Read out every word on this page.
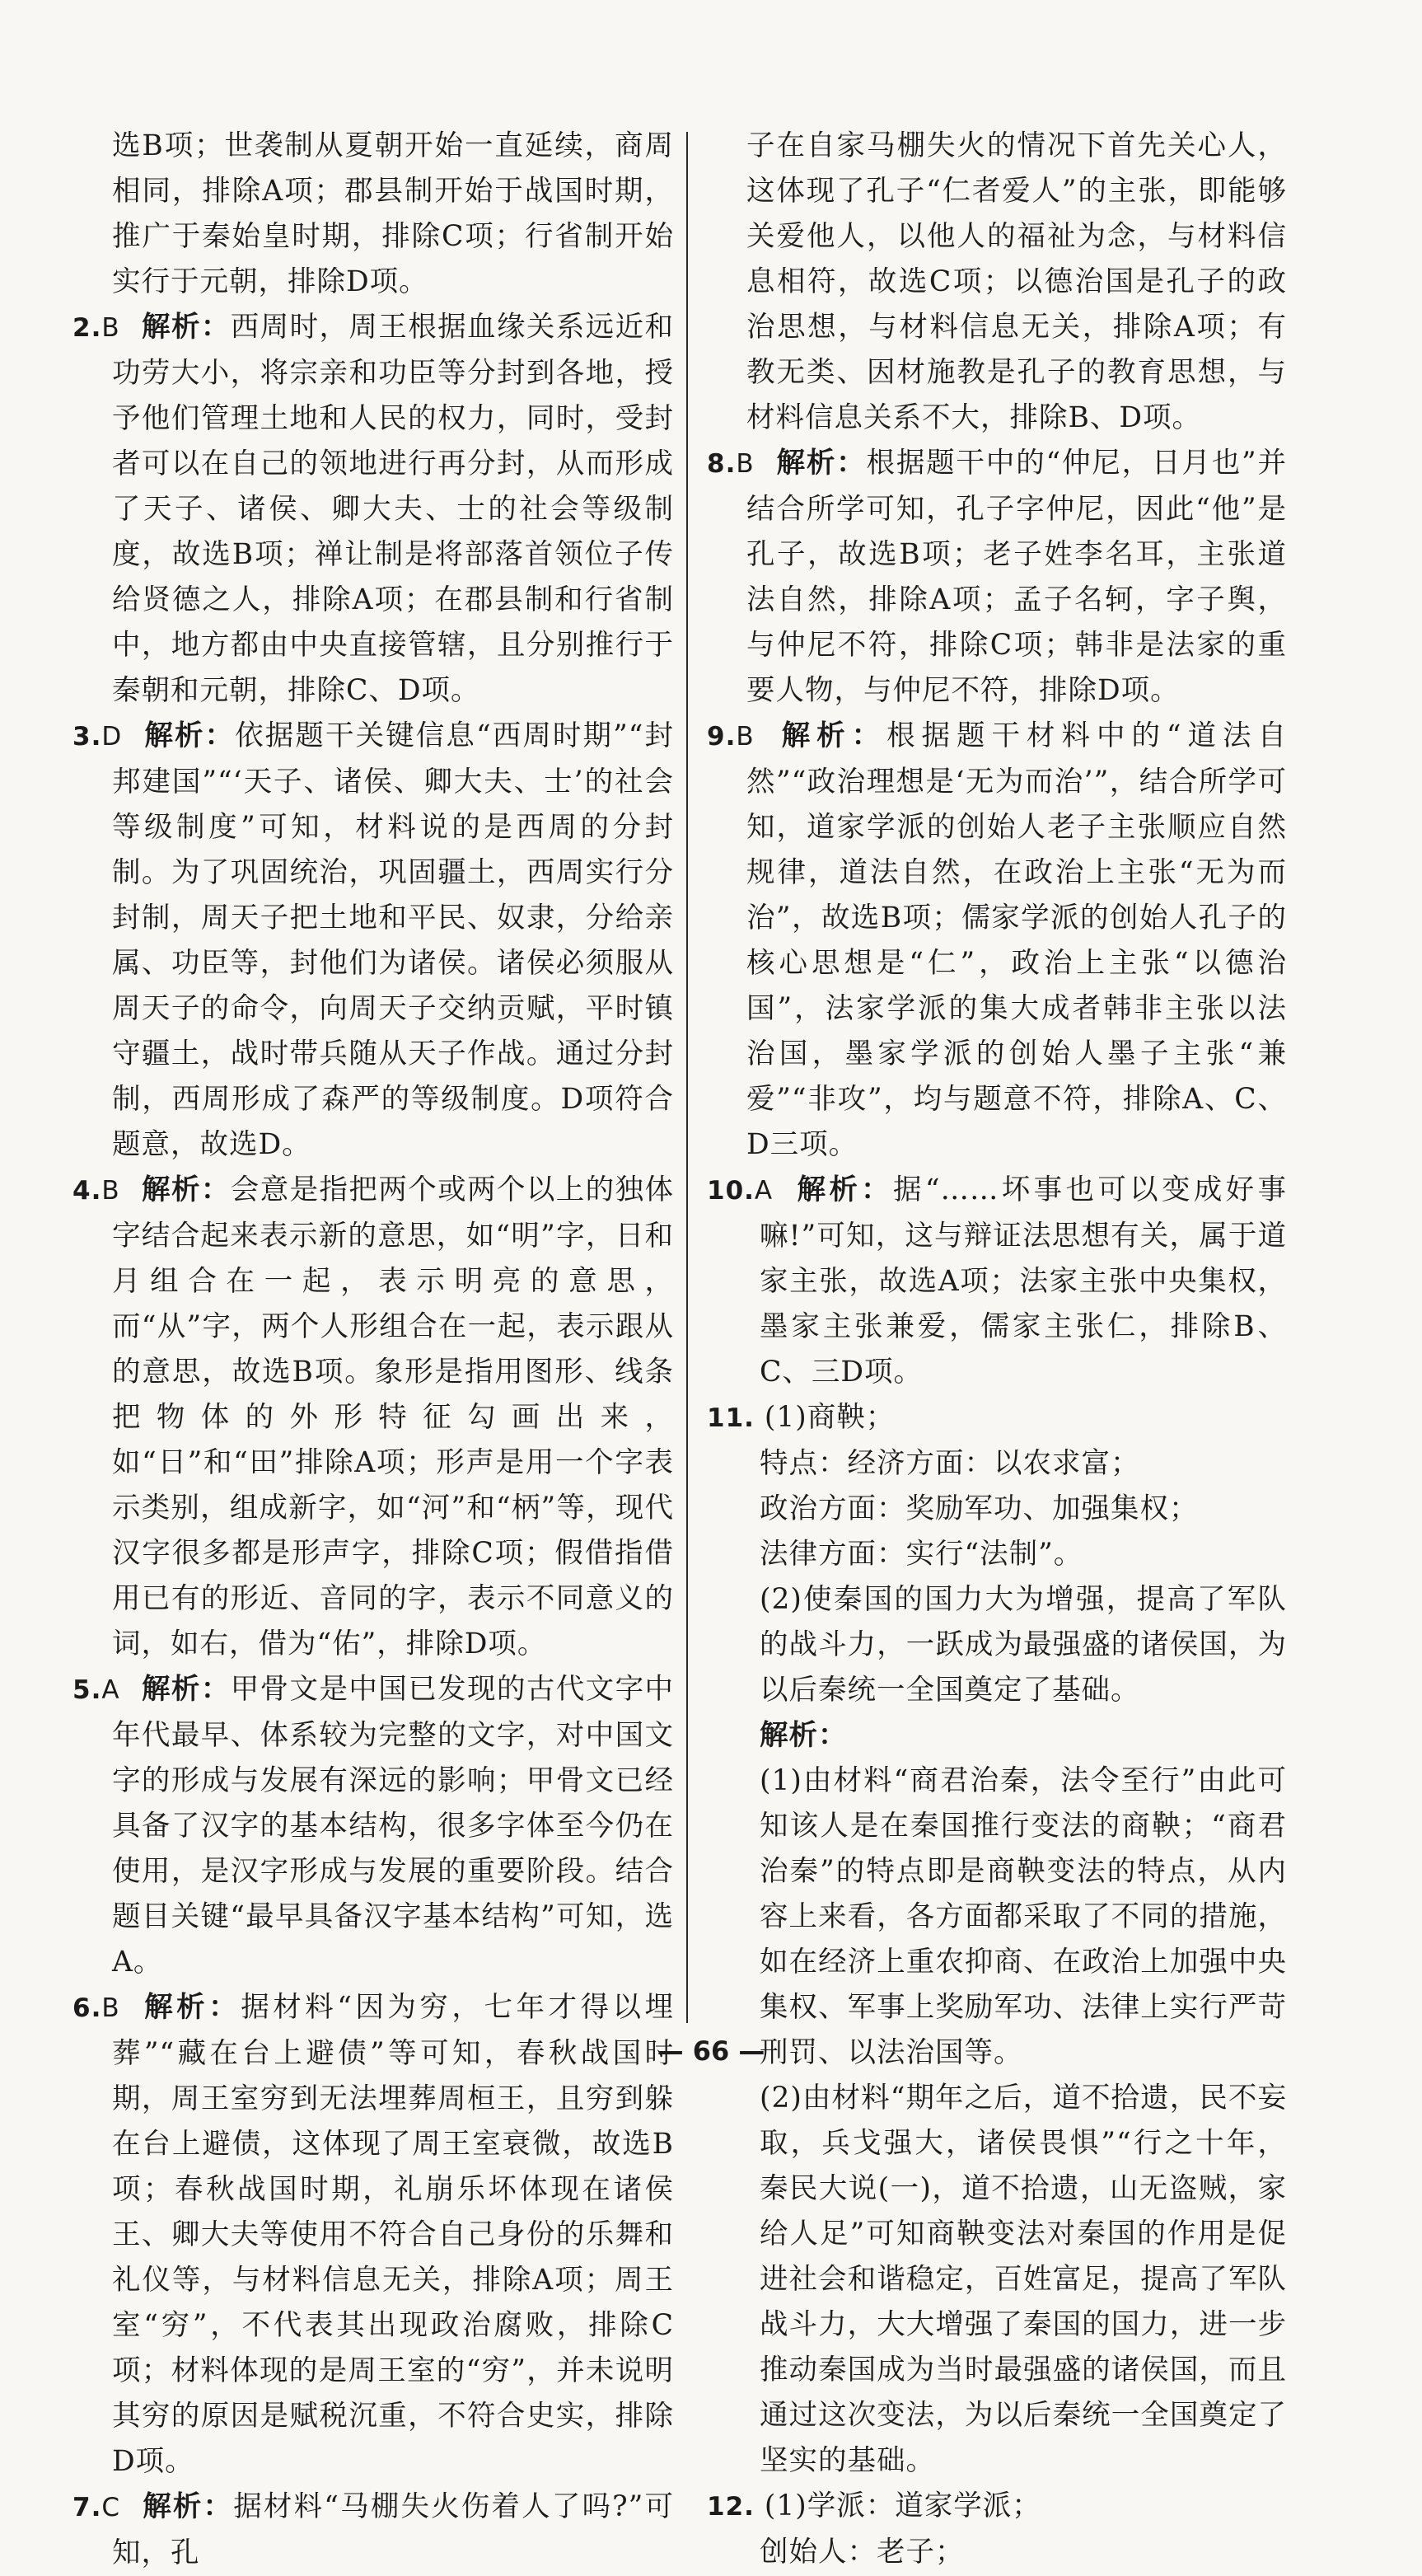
选B项；世袭制从夏朝开始一直延续，商周相同，排除A项；郡县制开始于战国时期，推广于秦始皇时期，排除C项；行省制开始实行于元朝，排除D项。

2.B 解析：西周时，周王根据血缘关系远近和功劳大小，将宗亲和功臣等分封到各地，授予他们管理土地和人民的权力，同时，受封者可以在自己的领地进行再分封，从而形成了天子、诸侯、卿大夫、士的社会等级制度，故选B项；禅让制是将部落首领位子传给贤德之人，排除A项；在郡县制和行省制中，地方都由中央直接管辖，且分别推行于秦朝和元朝，排除C、D项。

3.D 解析：依据题干关键信息“西周时期”“封邦建国”“‘天子、诸侯、卿大夫、士’的社会等级制度”可知，材料说的是西周的分封制。为了巩固统治，巩固疆土，西周实行分封制，周天子把土地和平民、奴隶，分给亲属、功臣等，封他们为诸侯。诸侯必须服从周天子的命令，向周天子交纳贡赋，平时镇守疆土，战时带兵随从天子作战。通过分封制，西周形成了森严的等级制度。D项符合题意，故选D。

4.B 解析：会意是指把两个或两个以上的独体字结合起来表示新的意思，如“明”字，日和月组合在一起，表示明亮的意思，而“从”字，两个人形组合在一起，表示跟从的意思，故选B项。象形是指用图形、线条把物体的外形特征勾画出来，如“日”和“田”排除A项；形声是用一个字表示类别，组成新字，如“河”和“柄”等，现代汉字很多都是形声字，排除C项；假借指借用已有的形近、音同的字，表示不同意义的词，如右，借为“佑”，排除D项。

5.A 解析：甲骨文是中国已发现的古代文字中年代最早、体系较为完整的文字，对中国文字的形成与发展有深远的影响；甲骨文已经具备了汉字的基本结构，很多字体至今仍在使用，是汉字形成与发展的重要阶段。结合题目关键“最早具备汉字基本结构”可知，选A。

6.B 解析：据材料“因为穷，七年才得以埋葬”“藏在台上避债”等可知，春秋战国时期，周王室穷到无法埋葬周桓王，且穷到躲在台上避债，这体现了周王室衰微，故选B项；春秋战国时期，礼崩乐坏体现在诸侯王、卿大夫等使用不符合自己身份的乐舞和礼仪等，与材料信息无关，排除A项；周王室“穷”，不代表其出现政治腐败，排除C项；材料体现的是周王室的“穷”，并未说明其穷的原因是赋税沉重，不符合史实，排除D项。

7.C 解析：据材料“马棚失火伤着人了吗?”可知，孔

子在自家马棚失火的情况下首先关心人，这体现了孔子“仁者爱人”的主张，即能够关爱他人，以他人的福祉为念，与材料信息相符，故选C项；以德治国是孔子的政治思想，与材料信息无关，排除A项；有教无类、因材施教是孔子的教育思想，与材料信息关系不大，排除B、D项。

8.B 解析：根据题干中的“仲尼，日月也”并结合所学可知，孔子字仲尼，因此“他”是孔子，故选B项；老子姓李名耳，主张道法自然，排除A项；孟子名轲，字子舆，与仲尼不符，排除C项；韩非是法家的重要人物，与仲尼不符，排除D项。

9.B 解析：根据题干材料中的“道法自然”“政治理想是‘无为而治’”，结合所学可知，道家学派的创始人老子主张顺应自然规律，道法自然，在政治上主张“无为而治”，故选B项；儒家学派的创始人孔子的核心思想是“仁”，政治上主张“以德治国”，法家学派的集大成者韩非主张以法治国，墨家学派的创始人墨子主张“兼爱”“非攻”，均与题意不符，排除A、C、D三项。

10.A 解析：据“……坏事也可以变成好事嘛!”可知，这与辩证法思想有关，属于道家主张，故选A项；法家主张中央集权，墨家主张兼爱，儒家主张仁，排除B、C、三D项。

11. (1)商鞅；

特点：经济方面：以农求富；

政治方面：奖励军功、加强集权；

法律方面：实行“法制”。

(2)使秦国的国力大为增强，提高了军队的战斗力，一跃成为最强盛的诸侯国，为以后秦统一全国奠定了基础。

解析：

(1)由材料“商君治秦，法令至行”由此可知该人是在秦国推行变法的商鞅；“商君治秦”的特点即是商鞅变法的特点，从内容上来看，各方面都采取了不同的措施，如在经济上重农抑商、在政治上加强中央集权、军事上奖励军功、法律上实行严苛刑罚、以法治国等。

(2)由材料“期年之后，道不拾遗，民不妄取，兵戈强大，诸侯畏惧”“行之十年，秦民大说(一)，道不拾遗，山无盗贼，家给人足”可知商鞅变法对秦国的作用是促进社会和谐稳定，百姓富足，提高了军队战斗力，大大增强了秦国的国力，进一步推动秦国成为当时最强盛的诸侯国，而且通过这次变法，为以后秦统一全国奠定了坚实的基础。

12. (1)学派：道家学派；

创始人：老子；

— 66 —
